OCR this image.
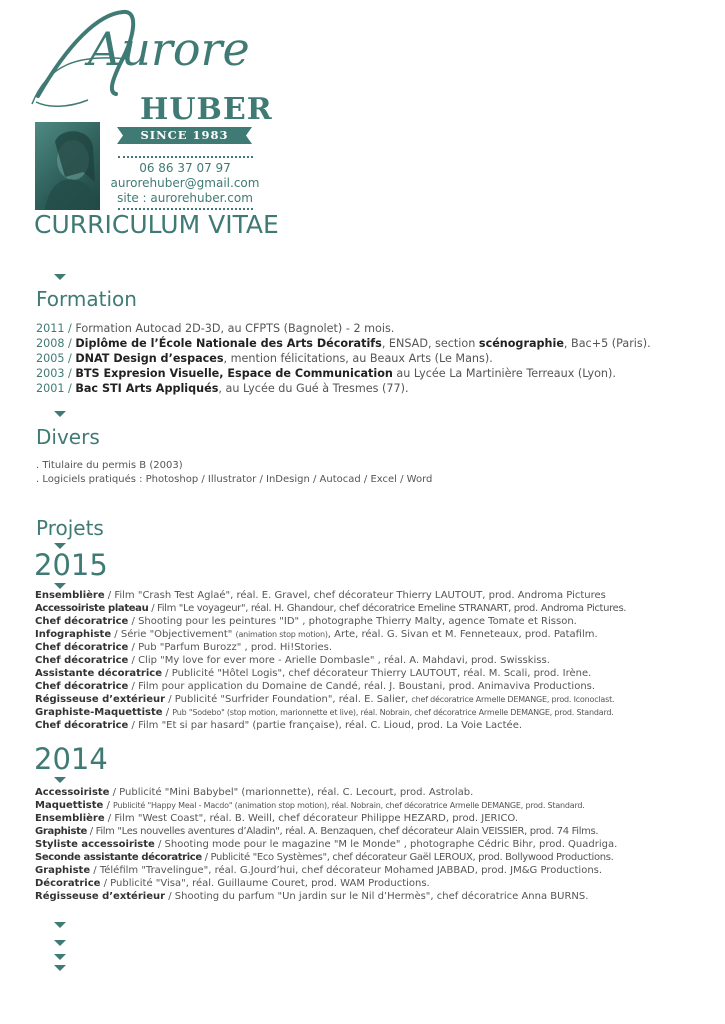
Aurore
HUBER
SINCE 1983
06 86 37 07 97
aurorehuber@gmail.com
site : aurorehuber.com
CURRICULUM VITAE
Formation
2011 / Formation Autocad 2D-3D, au CFPTS (Bagnolet) - 2 mois.
2008 / Diplôme de l’École Nationale des Arts Décoratifs, ENSAD, section scénographie, Bac+5 (Paris).
2005 / DNAT Design d’espaces, mention félicitations, au Beaux Arts (Le Mans).
2003 / BTS Expresion Visuelle, Espace de Communication au Lycée La Martinière Terreaux (Lyon).
2001 / Bac STI Arts Appliqués, au Lycée du Gué à Tresmes (77).
Divers
. Titulaire du permis B (2003)
. Logiciels pratiqués : Photoshop / Illustrator / InDesign / Autocad / Excel / Word
Projets
2015
Ensemblière / Film "Crash Test Aglaé", réal. E. Gravel, chef décorateur Thierry LAUTOUT, prod. Androma Pictures
Accessoiriste plateau / Film "Le voyageur", réal. H. Ghandour, chef décoratrice Emeline STRANART, prod. Androma Pictures.
Chef décoratrice / Shooting pour les peintures "ID" , photographe Thierry Malty, agence Tomate et Risson.
Infographiste / Série "Objectivement" (animation stop motion), Arte, réal. G. Sivan et M. Fenneteaux, prod. Patafilm.
Chef décoratrice / Pub "Parfum Burozz" , prod. Hi!Stories.
Chef décoratrice / Clip "My love for ever more - Arielle Dombasle" , réal. A. Mahdavi, prod. Swisskiss.
Assistante décoratrice / Publicité "Hôtel Logis", chef décorateur Thierry LAUTOUT, réal. M. Scali, prod. Irène.
Chef décoratrice / Film pour application du Domaine de Candé, réal. J. Boustani, prod. Animaviva Productions.
Régisseuse d’extérieur / Publicité "Surfrider Foundation", réal. E. Salier, chef décoratrice Armelle DEMANGE, prod. Iconoclast.
Graphiste-Maquettiste / Pub "Sodebo" (stop motion, marionnette et live), réal. Nobrain, chef décoratrice Armelle DEMANGE, prod. Standard.
Chef décoratrice / Film "Et si par hasard" (partie française), réal. C. Lioud, prod. La Voie Lactée.
2014
Accessoiriste / Publicité "Mini Babybel" (marionnette), réal. C. Lecourt, prod. Astrolab.
Maquettiste / Publicité "Happy Meal - Macdo" (animation stop motion), réal. Nobrain, chef décoratrice Armelle DEMANGE, prod. Standard.
Ensemblière / Film "West Coast", réal. B. Weill, chef décorateur Philippe HEZARD, prod. JERICO.
Graphiste / Film "Les nouvelles aventures d’Aladin", réal. A. Benzaquen, chef décorateur Alain VEISSIER, prod. 74 Films.
Styliste accessoiriste / Shooting mode pour le magazine "M le Monde" , photographe Cédric Bihr, prod. Quadriga.
Seconde assistante décoratrice / Publicité "Eco Systèmes", chef décorateur Gaël LEROUX, prod. Bollywood Productions.
Graphiste / Téléfilm "Travelingue", réal. G.Jourd’hui, chef décorateur Mohamed JABBAD, prod. JM&G Productions.
Décoratrice / Publicité "Visa", réal. Guillaume Couret, prod. WAM Productions.
Régisseuse d’extérieur / Shooting du parfum "Un jardin sur le Nil d’Hermès", chef décoratrice Anna BURNS.
